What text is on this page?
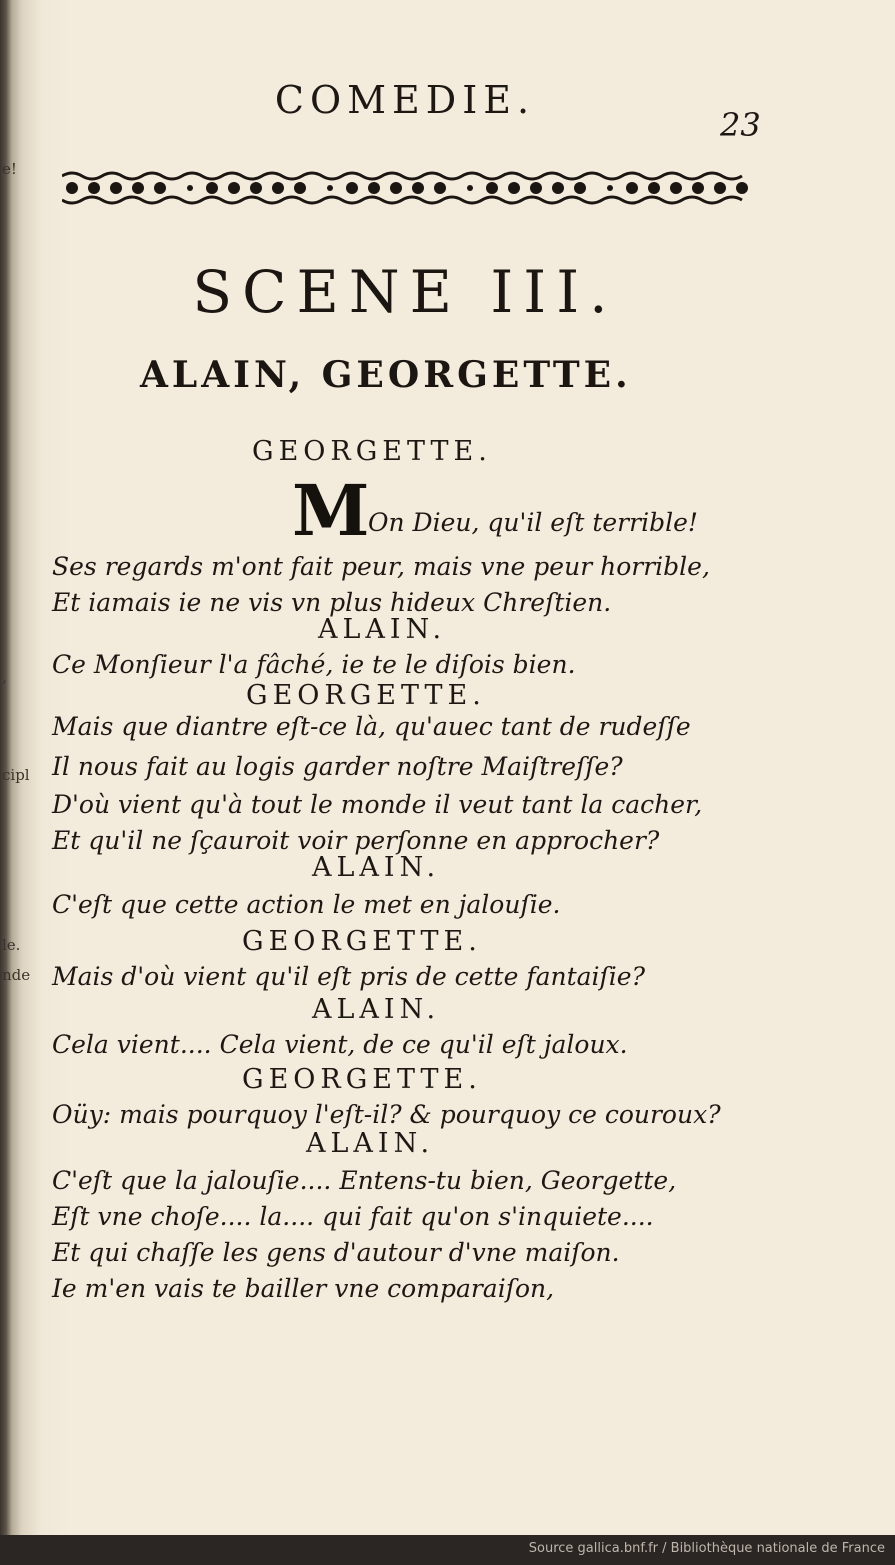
e!
,
cipl
le.
nde
COMEDIE.
23
SCENE III.
ALAIN, GEORGETTE.
GEORGETTE.
M
On Dieu, qu'il eſt terrible!
Ses regards m'ont fait peur, mais vne peur horrible,
Et iamais ie ne vis vn plus hideux Chreſtien.
ALAIN.
Ce Monſieur l'a fâché, ie te le diſois bien.
GEORGETTE.
Mais que diantre eſt-ce là, qu'auec tant de rudeſſe
Il nous fait au logis garder noſtre Maiſtreſſe?
D'où vient qu'à tout le monde il veut tant la cacher,
Et qu'il ne ſçauroit voir perſonne en approcher?
ALAIN.
C'eſt que cette action le met en jalouſie.
GEORGETTE.
Mais d'où vient qu'il eſt pris de cette fantaiſie?
ALAIN.
Cela vient.... Cela vient, de ce qu'il eſt jaloux.
GEORGETTE.
Oüy: mais pourquoy l'eſt-il? & pourquoy ce couroux?
ALAIN.
C'eſt que la jalouſie.... Entens-tu bien, Georgette,
Eſt vne choſe.... la.... qui fait qu'on s'inquiete....
Et qui chaſſe les gens d'autour d'vne maiſon.
Ie m'en vais te bailler vne comparaiſon,
Source gallica.bnf.fr / Bibliothèque nationale de France
